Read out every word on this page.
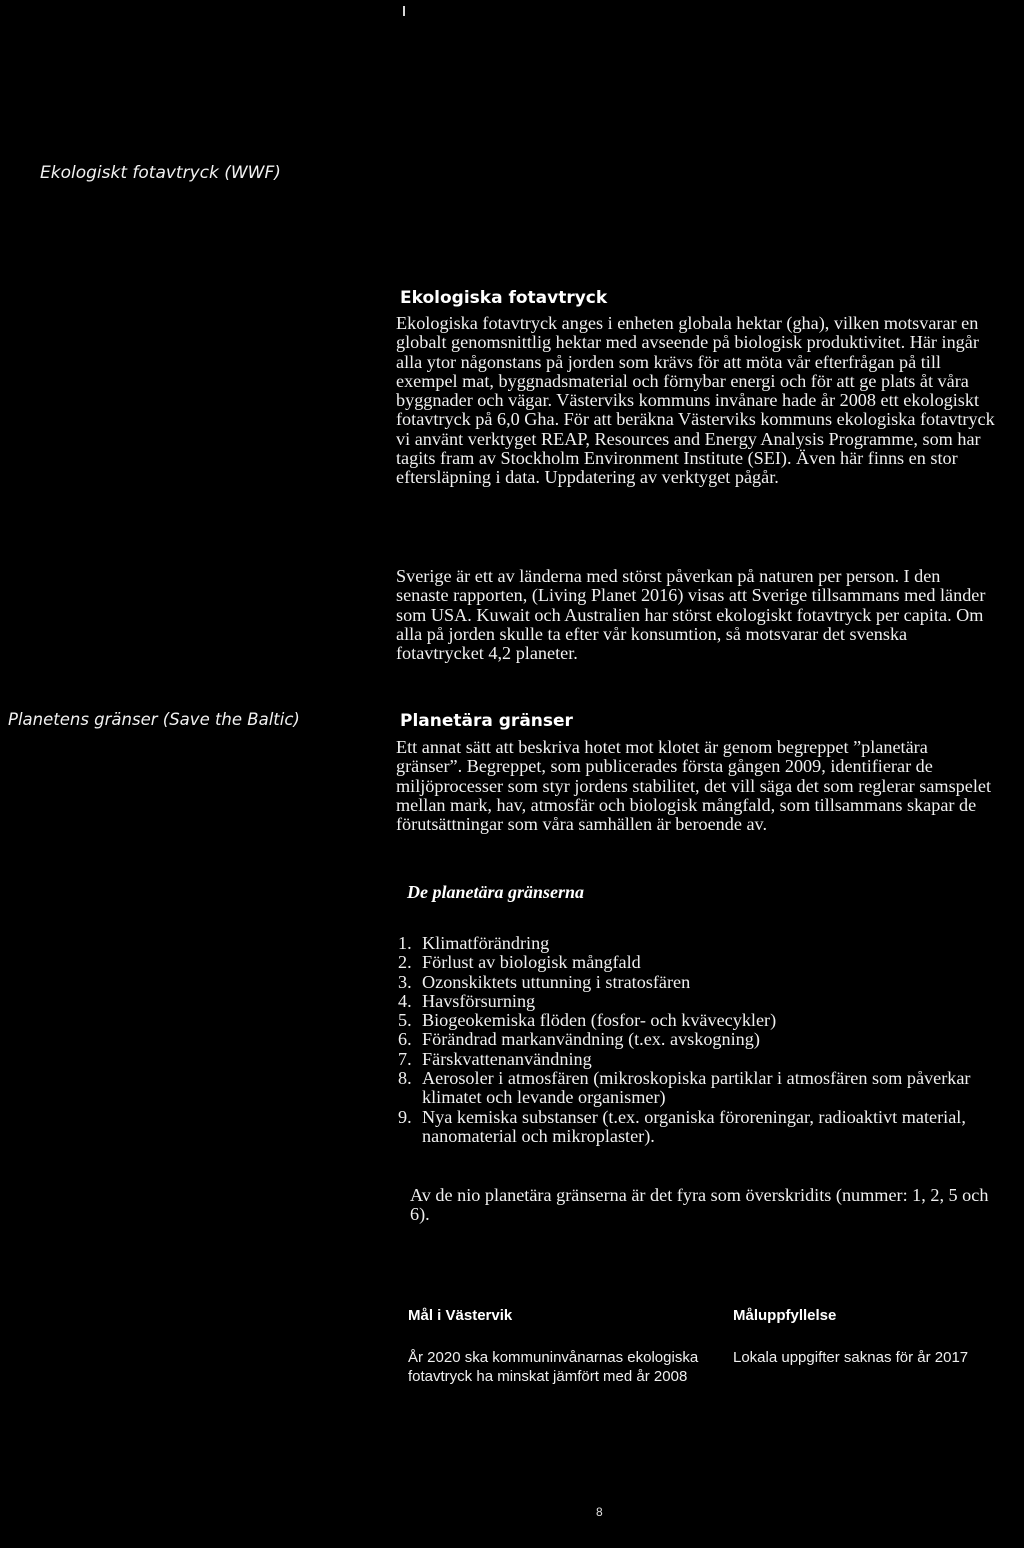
Ekologiskt fotavtryck (WWF)
Ekologiska fotavtryck

Ekologiska fotavtryck anges i enheten globala hektar (gha), vilken motsvarar en globalt genomsnittlig hektar med avseende på biologisk produktivitet. Här ingår alla ytor någonstans på jorden som krävs för att möta vår efterfrågan på till exempel mat, byggnadsmaterial och förnybar energi och för att ge plats åt våra byggnader och vägar. Västerviks kommuns invånare hade år 2008 ett ekologiskt fotavtryck på 6,0 Gha. För att beräkna Västerviks kommuns ekologiska fotavtryck vi använt verktyget REAP, Resources and Energy Analysis Programme, som har tagits fram av Stockholm Environment Institute (SEI). Även här finns en stor eftersläpning i data. Uppdatering av verktyget pågår.

Sverige är ett av länderna med störst påverkan på naturen per person. I den senaste rapporten, (Living Planet 2016) visas att Sverige tillsammans med länder som USA. Kuwait och Australien har störst ekologiskt fotavtryck per capita. Om alla på jorden skulle ta efter vår konsumtion, så motsvarar det svenska fotavtrycket 4,2 planeter.

Planetens gränser (Save the Baltic)	Planetära gränser

Ett annat sätt att beskriva hotet mot klotet är genom begreppet ”planetära gränser”. Begreppet, som publicerades första gången 2009, identifierar de miljöprocesser som styr jordens stabilitet, det vill säga det som reglerar samspelet mellan mark, hav, atmosfär och biologisk mångfald, som tillsammans skapar de förutsättningar som våra samhällen är beroende av.

De planetära gränserna
1. Klimatförändring
2. Förlust av biologisk mångfald
3. Ozonskiktets uttunning i stratosfären
4. Havsförsurning
5. Biogeokemiska flöden (fosfor- och kvävecykler)
6. Förändrad markanvändning (t.ex. avskogning)
7. Färskvattenanvändning
8. Aerosoler i atmosfären (mikroskopiska partiklar i atmosfären som påverkar klimatet och levande organismer)
9. Nya kemiska substanser (t.ex. organiska föroreningar, radioaktivt material, nanomaterial och mikroplaster).

Av de nio planetära gränserna är det fyra som överskridits (nummer: 1, 2, 5 och 6).

Mål i Västervik	Måluppfyllelse
År 2020 ska kommuninvånarnas ekologiska fotavtryck ha minskat jämfört med år 2008
Lokala uppgifter saknas för år 2017
8
